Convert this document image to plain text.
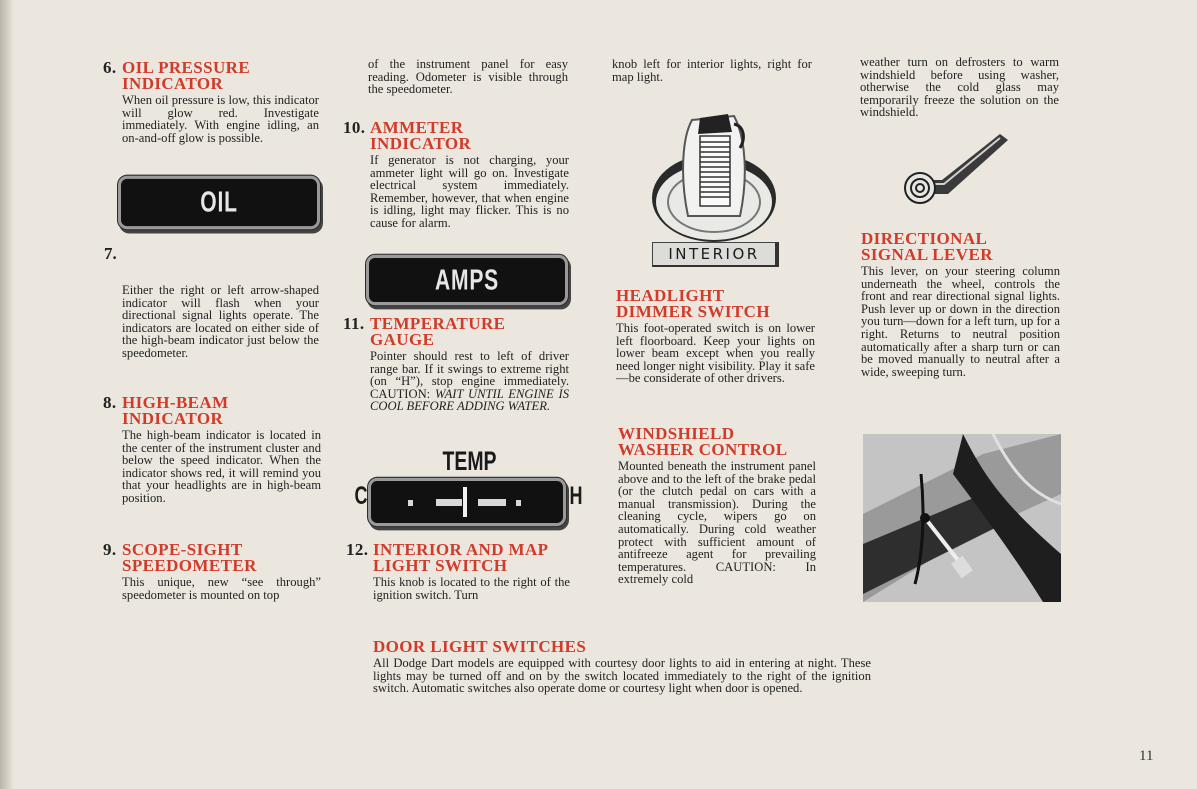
6. OIL PRESSURE
INDICATOR

When oil pressure is low, this indicator will glow red. Investigate immediately. With engine idling, an on-and-off glow is possible.

OIL
7.

Either the right or left arrow-shaped indicator will flash when your directional signal lights operate. The indicators are located on either side of the high-beam indicator just below the speedometer.

8. HIGH-BEAM
INDICATOR

The high-beam indicator is located in the center of the instrument cluster and below the speed indicator. When the indicator shows red, it will remind you that your headlights are in high-beam position.

9. SCOPE-SIGHT
SPEEDOMETER

This unique, new “see through” speedometer is mounted on top

of the instrument panel for easy reading. Odometer is visible through the speedometer.

10. AMMETER
INDICATOR

If generator is not charging, your ammeter light will go on. Investigate electrical system immediately. Remember, however, that when engine is idling, light may flicker. This is no cause for alarm.

AMPS
11. TEMPERATURE
GAUGE

Pointer should rest to left of driver range bar. If it swings to extreme right (on “H”), stop engine immediately. CAUTION: WAIT UNTIL ENGINE IS COOL BEFORE ADDING WATER.

TEMP
C	H
12. INTERIOR AND MAP
LIGHT SWITCH

This knob is located to the right of the ignition switch. Turn

knob left for interior lights, right for map light.

INTERIOR
HEADLIGHT
DIMMER SWITCH

This foot-operated switch is on lower left floorboard. Keep your lights on lower beam except when you really need longer night visibility. Play it safe—be considerate of other drivers.

WINDSHIELD
WASHER CONTROL

Mounted beneath the instrument panel above and to the left of the brake pedal (or the clutch pedal on cars with a manual transmission). During the cleaning cycle, wipers go on automatically. During cold weather protect with sufficient amount of antifreeze agent for prevailing temperatures. CAUTION: In extremely cold

weather turn on defrosters to warm windshield before using washer, otherwise the cold glass may temporarily freeze the solution on the windshield.

DIRECTIONAL
SIGNAL LEVER

This lever, on your steering column underneath the wheel, controls the front and rear directional signal lights. Push lever up or down in the direction you turn—down for a left turn, up for a right. Returns to neutral position automatically after a sharp turn or can be moved manually to neutral after a wide, sweeping turn.

DOOR LIGHT SWITCHES

All Dodge Dart models are equipped with courtesy door lights to aid in entering at night. These lights may be turned off and on by the switch located immediately to the right of the ignition switch. Automatic switches also operate dome or courtesy light when door is opened.

11
